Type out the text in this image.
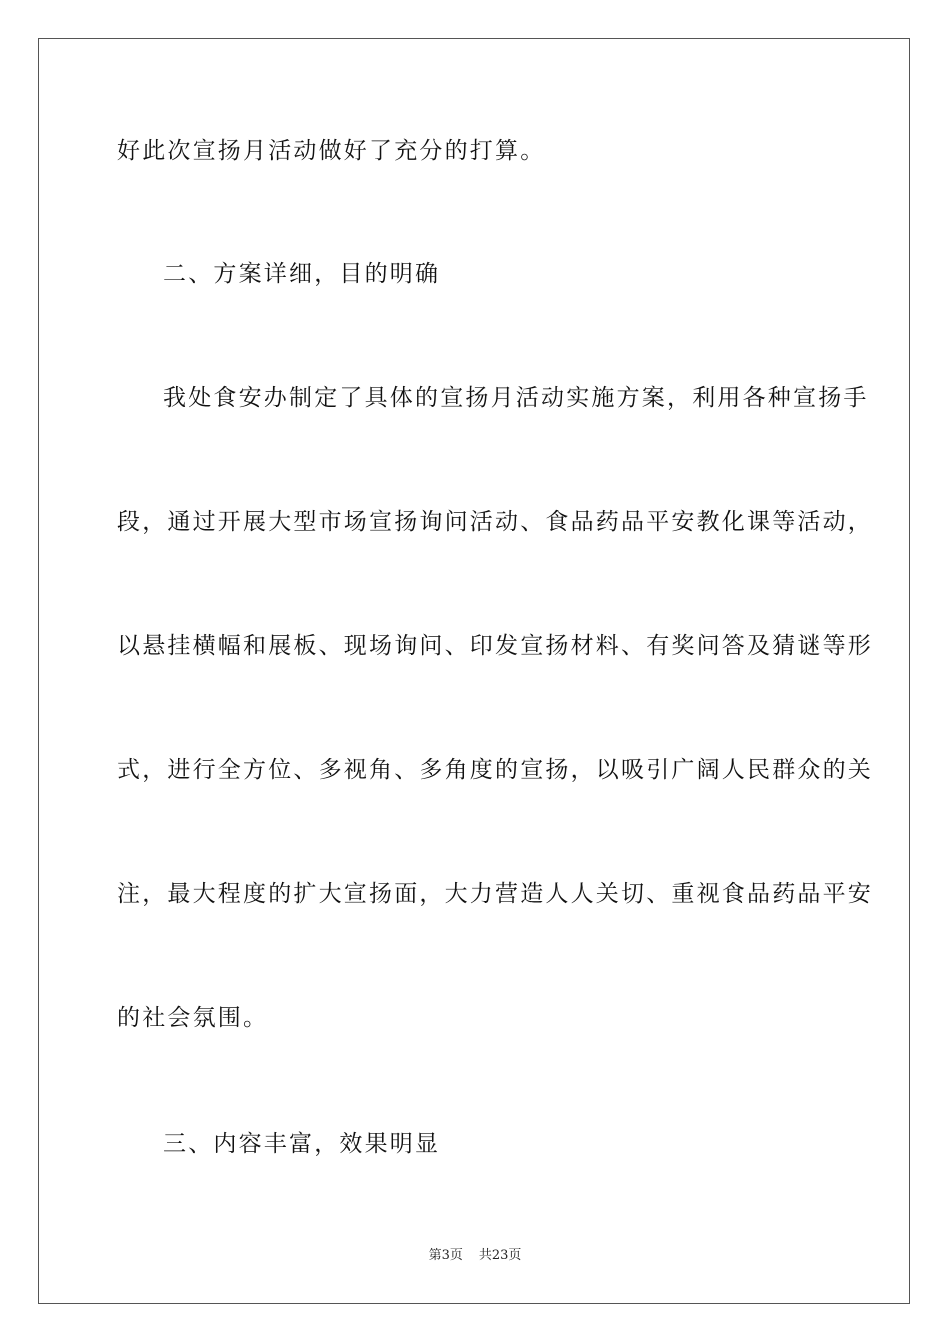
好此次宣扬月活动做好了充分的打算。
二、方案详细，目的明确
我处食安办制定了具体的宣扬月活动实施方案，利用各种宣扬手
段，通过开展大型市场宣扬询问活动、食品药品平安教化课等活动，
以悬挂横幅和展板、现场询问、印发宣扬材料、有奖问答及猜谜等形
式，进行全方位、多视角、多角度的宣扬，以吸引广阔人民群众的关
注，最大程度的扩大宣扬面，大力营造人人关切、重视食品药品平安
的社会氛围。
三、内容丰富，效果明显
第3页 共23页
